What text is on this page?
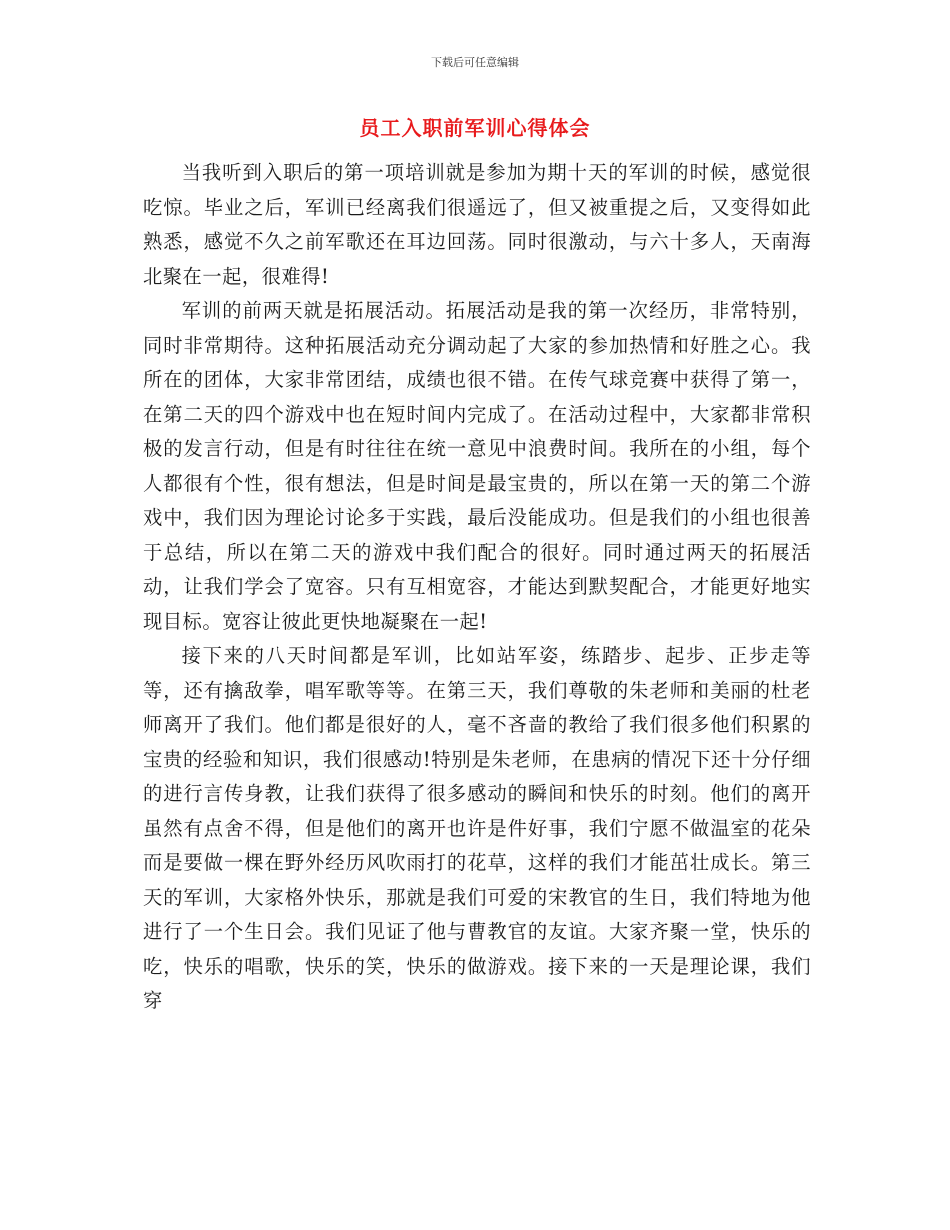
下载后可任意编辑
员工入职前军训心得体会

当我听到入职后的第一项培训就是参加为期十天的军训的时候，感觉很吃惊。毕业之后，军训已经离我们很遥远了，但又被重提之后，又变得如此熟悉，感觉不久之前军歌还在耳边回荡。同时很激动，与六十多人，天南海北聚在一起，很难得!

军训的前两天就是拓展活动。拓展活动是我的第一次经历，非常特别，同时非常期待。这种拓展活动充分调动起了大家的参加热情和好胜之心。我所在的团体，大家非常团结，成绩也很不错。在传气球竞赛中获得了第一，在第二天的四个游戏中也在短时间内完成了。在活动过程中，大家都非常积极的发言行动，但是有时往往在统一意见中浪费时间。我所在的小组，每个人都很有个性，很有想法，但是时间是最宝贵的，所以在第一天的第二个游戏中，我们因为理论讨论多于实践，最后没能成功。但是我们的小组也很善于总结，所以在第二天的游戏中我们配合的很好。同时通过两天的拓展活动，让我们学会了宽容。只有互相宽容，才能达到默契配合，才能更好地实现目标。宽容让彼此更快地凝聚在一起!

接下来的八天时间都是军训，比如站军姿，练踏步、起步、正步走等等，还有擒敌拳，唱军歌等等。在第三天，我们尊敬的朱老师和美丽的杜老师离开了我们。他们都是很好的人，毫不吝啬的教给了我们很多他们积累的宝贵的经验和知识，我们很感动!特别是朱老师，在患病的情况下还十分仔细的进行言传身教，让我们获得了很多感动的瞬间和快乐的时刻。他们的离开虽然有点舍不得，但是他们的离开也许是件好事，我们宁愿不做温室的花朵而是要做一棵在野外经历风吹雨打的花草，这样的我们才能茁壮成长。第三天的军训，大家格外快乐，那就是我们可爱的宋教官的生日，我们特地为他进行了一个生日会。我们见证了他与曹教官的友谊。大家齐聚一堂，快乐的吃，快乐的唱歌，快乐的笑，快乐的做游戏。接下来的一天是理论课，我们穿
